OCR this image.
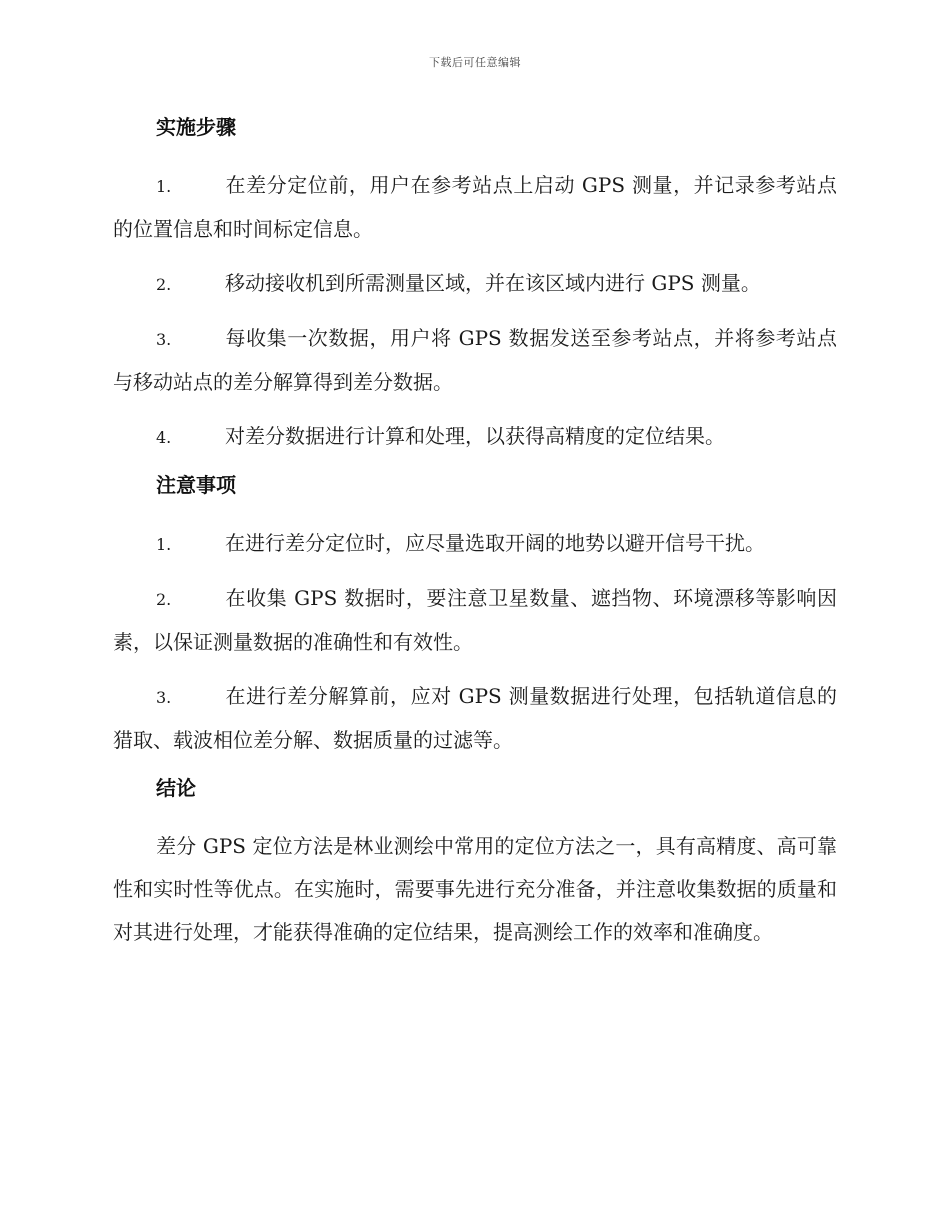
下载后可任意编辑
实施步骤

1.	在差分定位前，用户在参考站点上启动 GPS 测量，并记录参考站点的位置信息和时间标定信息。

2.	移动接收机到所需测量区域，并在该区域内进行 GPS 测量。

3.	每收集一次数据，用户将 GPS 数据发送至参考站点，并将参考站点与移动站点的差分解算得到差分数据。

4.	对差分数据进行计算和处理，以获得高精度的定位结果。

注意事项

1.	在进行差分定位时，应尽量选取开阔的地势以避开信号干扰。

2.	在收集 GPS 数据时，要注意卫星数量、遮挡物、环境漂移等影响因素，以保证测量数据的准确性和有效性。

3.	在进行差分解算前，应对 GPS 测量数据进行处理，包括轨道信息的猎取、载波相位差分解、数据质量的过滤等。

结论

差分 GPS 定位方法是林业测绘中常用的定位方法之一，具有高精度、高可靠性和实时性等优点。在实施时，需要事先进行充分准备，并注意收集数据的质量和对其进行处理，才能获得准确的定位结果，提高测绘工作的效率和准确度。
